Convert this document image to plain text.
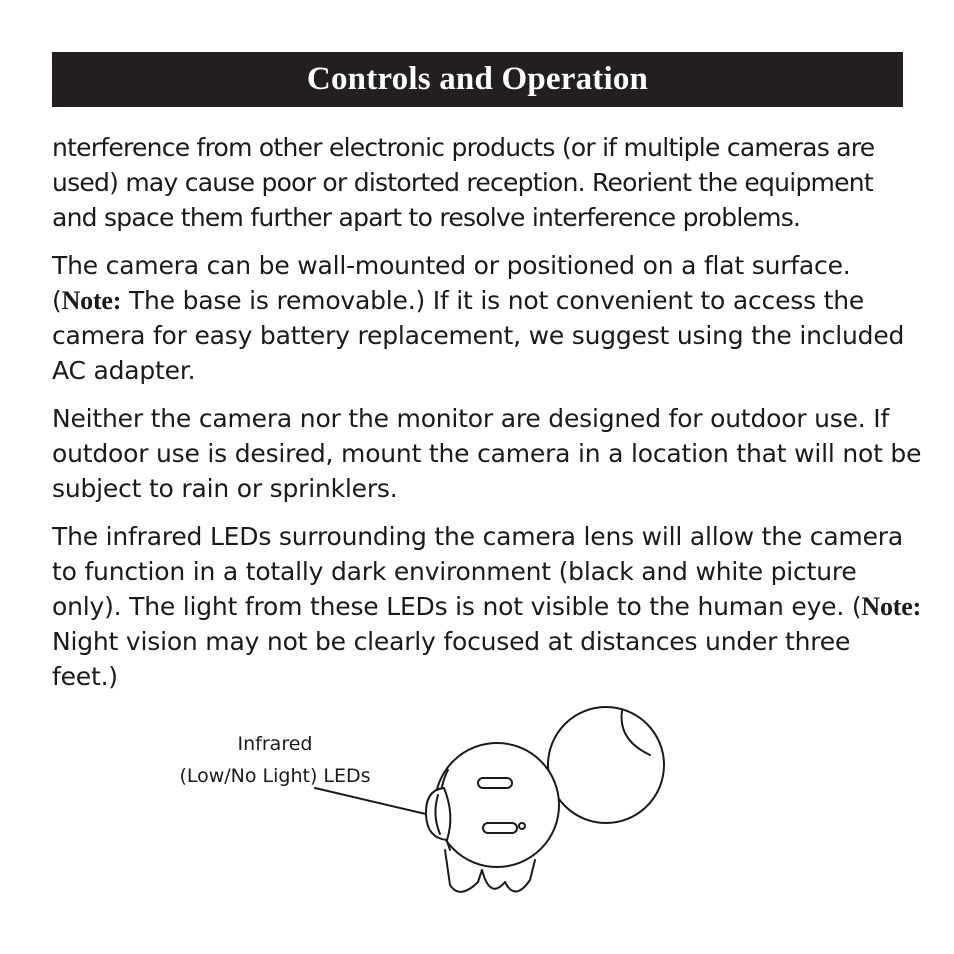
Controls and Operation

nterference from other electronic products (or if multiple cameras are used) may cause poor or distorted reception. Reorient the equipment and space them further apart to resolve interference problems.

The camera can be wall-mounted or positioned on a flat surface. (Note: The base is removable.) If it is not convenient to access the camera for easy battery replacement, we suggest using the included AC adapter.

Neither the camera nor the monitor are designed for outdoor use. If outdoor use is desired, mount the camera in a location that will not be subject to rain or sprinklers.

The infrared LEDs surrounding the camera lens will allow the camera to function in a totally dark environment (black and white picture only). The light from these LEDs is not visible to the human eye. (Note: Night vision may not be clearly focused at distances under three feet.)

Infrared
(Low/No Light) LEDs
